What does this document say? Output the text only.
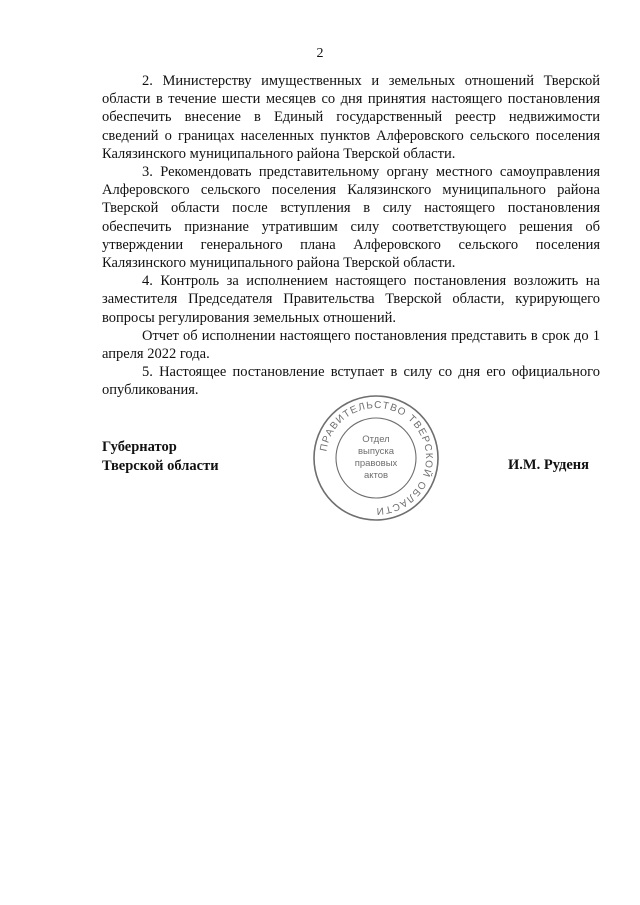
2

2. Министерству имущественных и земельных отношений Тверской области в течение шести месяцев со дня принятия настоящего постановления обеспечить внесение в Единый государственный реестр недвижимости сведений о границах населенных пунктов Алферовского сельского поселения Калязинского муниципального района Тверской области.

3. Рекомендовать представительному органу местного самоуправления Алферовского сельского поселения Калязинского муниципального района Тверской области после вступления в силу настоящего постановления обеспечить признание утратившим силу соответствующего решения об утверждении генерального плана Алферовского сельского поселения Калязинского муниципального района Тверской области.

4. Контроль за исполнением настоящего постановления возложить на заместителя Председателя Правительства Тверской области, курирующего вопросы регулирования земельных отношений.

Отчет об исполнении настоящего постановления представить в срок до 1 апреля 2022 года.

5. Настоящее постановление вступает в силу со дня его официального опубликования.

Губернатор
Тверской области
ПРАВИТЕЛЬСТВО ТВЕРСКОЙ ОБЛАСТИ
Отдел
выпуска
правовых
актов
И.М. Руденя
